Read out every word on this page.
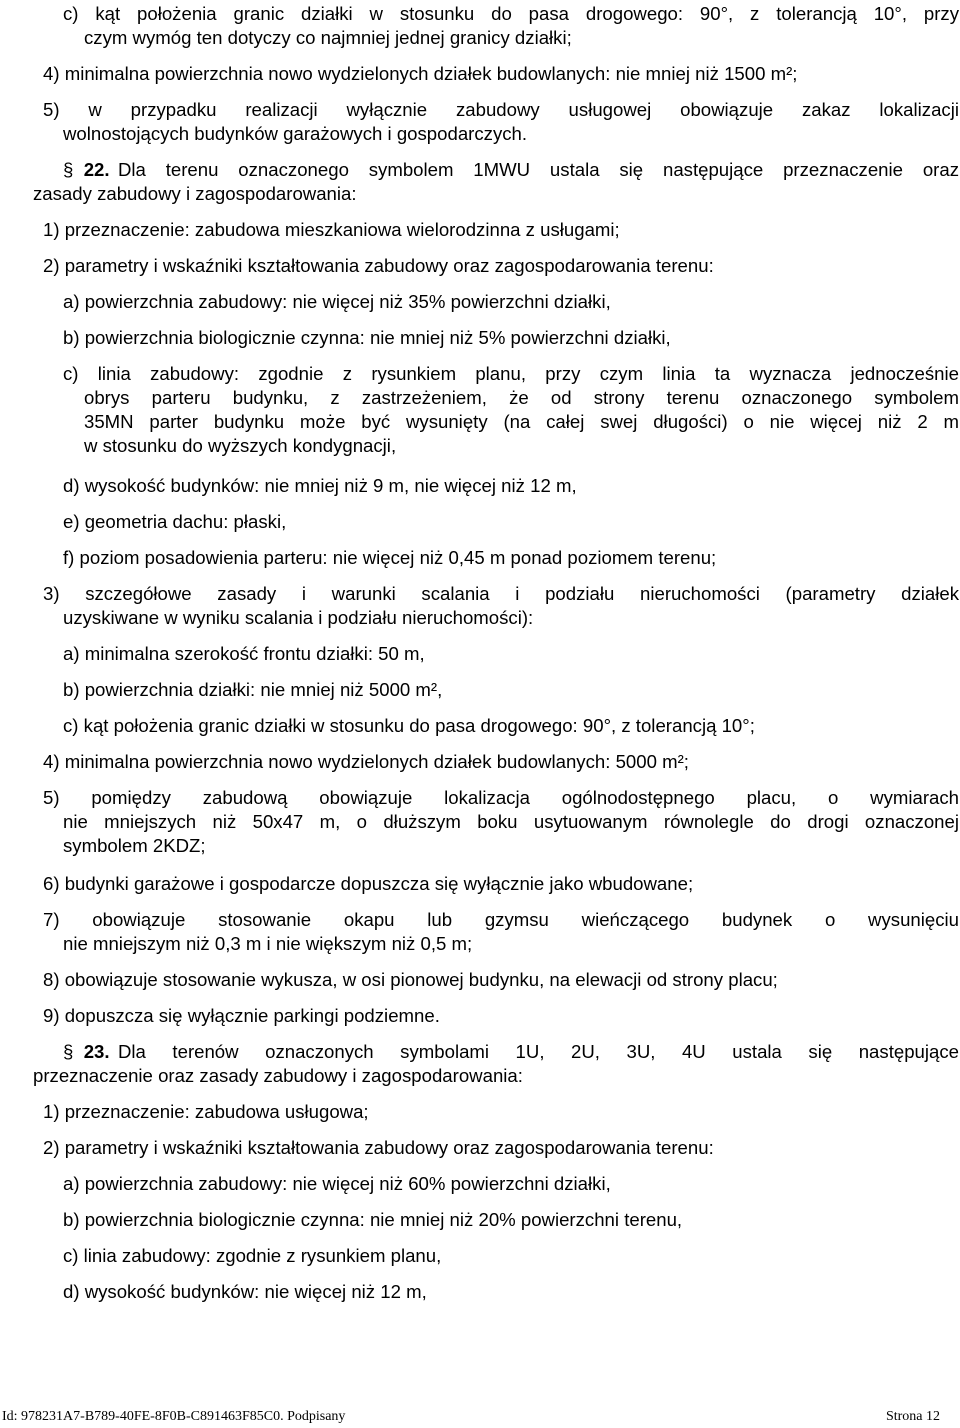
c) kąt położenia granic działki w stosunku do pasa drogowego: 90°, z tolerancją 10°, przy
czym wymóg ten dotyczy co najmniej jednej granicy działki;
4) minimalna powierzchnia nowo wydzielonych działek budowlanych: nie mniej niż 1500 m²;
5) w przypadku realizacji wyłącznie zabudowy usługowej obowiązuje zakaz lokalizacji
wolnostojących budynków garażowych i gospodarczych.
§ 22. Dla terenu oznaczonego symbolem 1MWU ustala się następujące przeznaczenie oraz
zasady zabudowy i zagospodarowania:
1) przeznaczenie: zabudowa mieszkaniowa wielorodzinna z usługami;
2) parametry i wskaźniki kształtowania zabudowy oraz zagospodarowania terenu:
a) powierzchnia zabudowy: nie więcej niż 35% powierzchni działki,
b) powierzchnia biologicznie czynna: nie mniej niż 5% powierzchni działki,
c) linia zabudowy: zgodnie z rysunkiem planu, przy czym linia ta wyznacza jednocześnie
obrys parteru budynku, z zastrzeżeniem, że od strony terenu oznaczonego symbolem
35MN parter budynku może być wysunięty (na całej swej długości) o nie więcej niż 2 m
w stosunku do wyższych kondygnacji,
d) wysokość budynków: nie mniej niż 9 m, nie więcej niż 12 m,
e) geometria dachu: płaski,
f) poziom posadowienia parteru: nie więcej niż 0,45 m ponad poziomem terenu;
3) szczegółowe zasady i warunki scalania i podziału nieruchomości (parametry działek
uzyskiwane w wyniku scalania i podziału nieruchomości):
a) minimalna szerokość frontu działki: 50 m,
b) powierzchnia działki: nie mniej niż 5000 m²,
c) kąt położenia granic działki w stosunku do pasa drogowego: 90°, z tolerancją 10°;
4) minimalna powierzchnia nowo wydzielonych działek budowlanych: 5000 m²;
5) pomiędzy zabudową obowiązuje lokalizacja ogólnodostępnego placu, o wymiarach
nie mniejszych niż 50x47 m, o dłuższym boku usytuowanym równolegle do drogi oznaczonej
symbolem 2KDZ;
6) budynki garażowe i gospodarcze dopuszcza się wyłącznie jako wbudowane;
7) obowiązuje stosowanie okapu lub gzymsu wieńczącego budynek o wysunięciu
nie mniejszym niż 0,3 m i nie większym niż 0,5 m;
8) obowiązuje stosowanie wykusza, w osi pionowej budynku, na elewacji od strony placu;
9) dopuszcza się wyłącznie parkingi podziemne.
§ 23. Dla terenów oznaczonych symbolami 1U, 2U, 3U, 4U ustala się następujące
przeznaczenie oraz zasady zabudowy i zagospodarowania:
1) przeznaczenie: zabudowa usługowa;
2) parametry i wskaźniki kształtowania zabudowy oraz zagospodarowania terenu:
a) powierzchnia zabudowy: nie więcej niż 60% powierzchni działki,
b) powierzchnia biologicznie czynna: nie mniej niż 20% powierzchni terenu,
c) linia zabudowy: zgodnie z rysunkiem planu,
d) wysokość budynków: nie więcej niż 12 m,
Id: 978231A7-B789-40FE-8F0B-C891463F85C0. Podpisany	Strona 12
